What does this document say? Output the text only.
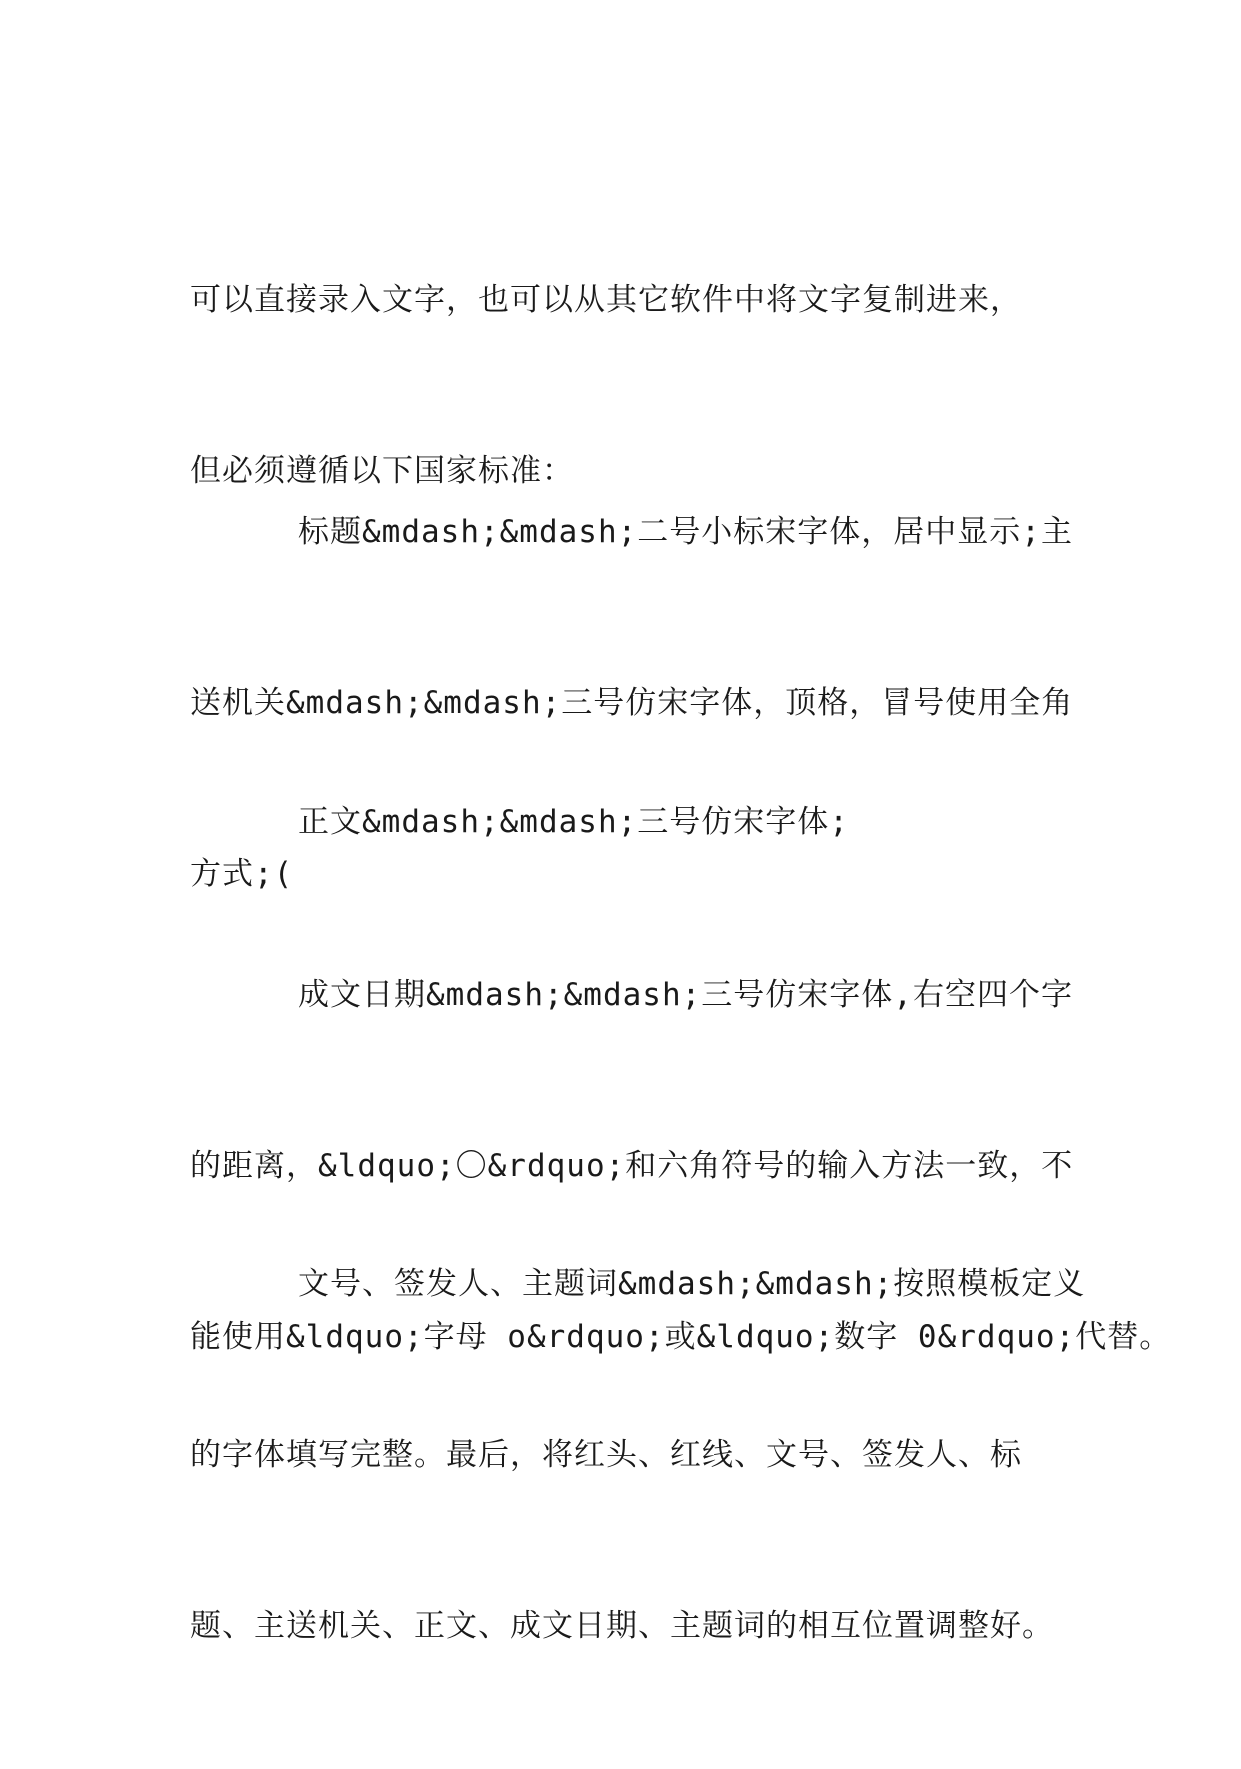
可以直接录入文字，也可以从其它软件中将文字复制进来，

但必须遵循以下国家标准：

标题&mdash;&mdash;二号小标宋字体，居中显示;主

送机关&mdash;&mdash;三号仿宋字体，顶格，冒号使用全角

方式;(

正文&mdash;&mdash;三号仿宋字体;

成文日期&mdash;&mdash;三号仿宋字体,右空四个字

的距离，&ldquo;〇&rdquo;和六角符号的输入方法一致，不

能使用&ldquo;字母 o&rdquo;或&ldquo;数字 0&rdquo;代替。

文号、签发人、主题词&mdash;&mdash;按照模板定义

的字体填写完整。最后，将红头、红线、文号、签发人、标

题、主送机关、正文、成文日期、主题词的相互位置调整好。
